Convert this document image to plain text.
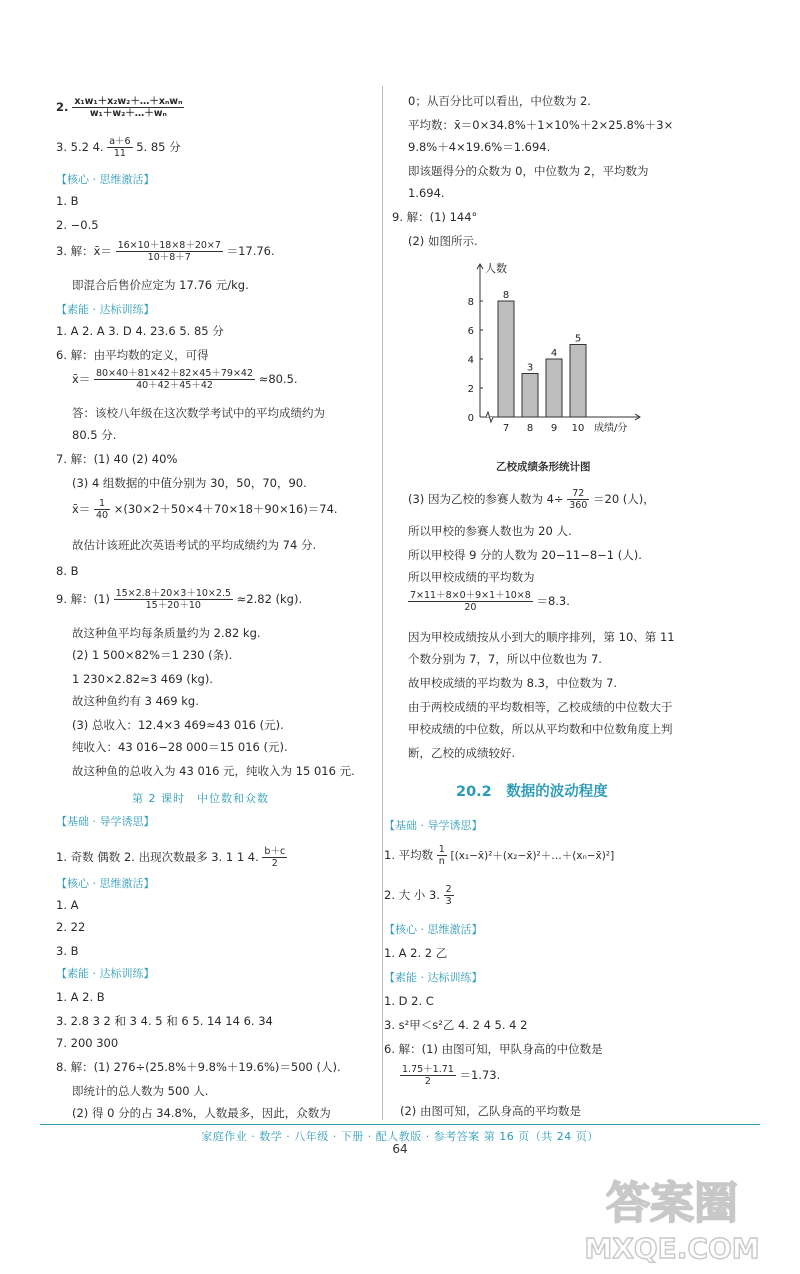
2. $\frac{\text{x₁w₁＋x₂w₂＋…＋xₙwₙ}}{\text{w₁＋w₂＋…＋wₙ}}$
3. 5.2 4. $\frac{a+6}{11} 5$. 85 分
【核心 · 思维激活】
1. B
2. −0.5
3. 解：x̄＝ $\frac{16\times 10+18\times 8+20\times 7}{10+8+7} =17.76$.
即混合后售价应定为 17.76 元/kg.
【素能 · 达标训练】
1. A 2. A 3. D 4. 23.6 5. 85 分
6. 解：由平均数的定义，可得
x̄＝ $\frac{80\times 40+81\times 42+82\times 45+79\times 42}{40+42+45+42} \approx 80.5$.
答：该校八年级在这次数学考试中的平均成绩约为
80.5 分.
7. 解：(1) 40 (2) 40%
(3) 4 组数据的中值分别为 30，50，70，90.
x̄＝ $\frac{1}{40} \times(30\times 2+50\times 4+70\times 18+90\times 16)=74$.
故估计该班此次英语考试的平均成绩约为 74 分.
8. B
9. 解：$(1) \frac{15\times 2.8+20\times 3+10\times 2.5}{15+20+10} \approx 2.82$ (kg).
故这种鱼平均每条质量约为 2.82 kg.
(2) 1 500×82%＝1 230 (条).
1 230×2.82≈3 469 (kg).
故这种鱼约有 3 469 kg.
(3) 总收入：12.4×3 469≈43 016 (元).
纯收入：43 016−28 000＝15 016 (元).
故这种鱼的总收入为 43 016 元，纯收入为 15 016 元.
第 2 课时　中位数和众数
【基础 · 导学诱思】
1. 奇数 偶数 2. 出现次数最多 3. 1 1 4. $\frac{b+c}{2}$
【核心 · 思维激活】
1. A
2. 22
3. B
【素能 · 达标训练】
1. A 2. B
3. 2.8 3 2 和 3 4. 5 和 6 5. 14 14 6. 34
7. 200 300
8. 解：(1) 276÷(25.8%＋9.8%＋19.6%)＝500 (人).
即统计的总人数为 500 人.
(2) 得 0 分的占 34.8%，人数最多，因此，众数为
0；从百分比可以看出，中位数为 2.
平均数：x̄＝0×34.8%＋1×10%＋2×25.8%＋3×
9.8%＋4×19.6%＝1.694.
即该题得分的众数为 0，中位数为 2，平均数为
1.694.
9. 解：(1) 144°
(2) 如图所示.
人数
0
2
4
6
8
8
7
3
8
4
9
5
10 成绩/分
乙校成绩条形统计图
(3) 因为乙校的参赛人数为 $4\div \frac{72}{360} =20$ (人)，
所以甲校的参赛人数也为 20 人.
所以甲校得 9 分的人数为 20−11−8−1 (人).
所以甲校成绩的平均数为
$\frac{7\times 11+8\times 0+9\times 1+10\times 8}{20} =8.3$.
因为甲校成绩按从小到大的顺序排列，第 10、第 11
个数分别为 7，7，所以中位数也为 7.
故甲校成绩的平均数为 8.3，中位数为 7.
由于两校成绩的平均数相等，乙校成绩的中位数大于
甲校成绩的中位数，所以从平均数和中位数角度上判
断，乙校的成绩较好.
20.2　数据的波动程度
【基础 · 导学诱思】
1. 平均数 $\frac{1}{n}$ [(x₁−x̄)²＋(x₂−x̄)²＋…＋(xₙ−x̄)²]
2. 大 小 3. $\frac{2}{3}$
【核心 · 思维激活】
1. A 2. 2 乙
【素能 · 达标训练】
1. D 2. C
3. s²甲＜s²乙 4. 2 4 5. 4 2
6. 解：(1) 由图可知，甲队身高的中位数是
$\frac{1.75+1.71}{2} =1.73$.
(2) 由图可知，乙队身高的平均数是
家庭作业 · 数学 · 八年级 · 下册 · 配人教版 · 参考答案 第 16 页（共 24 页）
64
答案圈
MXQE.COM
